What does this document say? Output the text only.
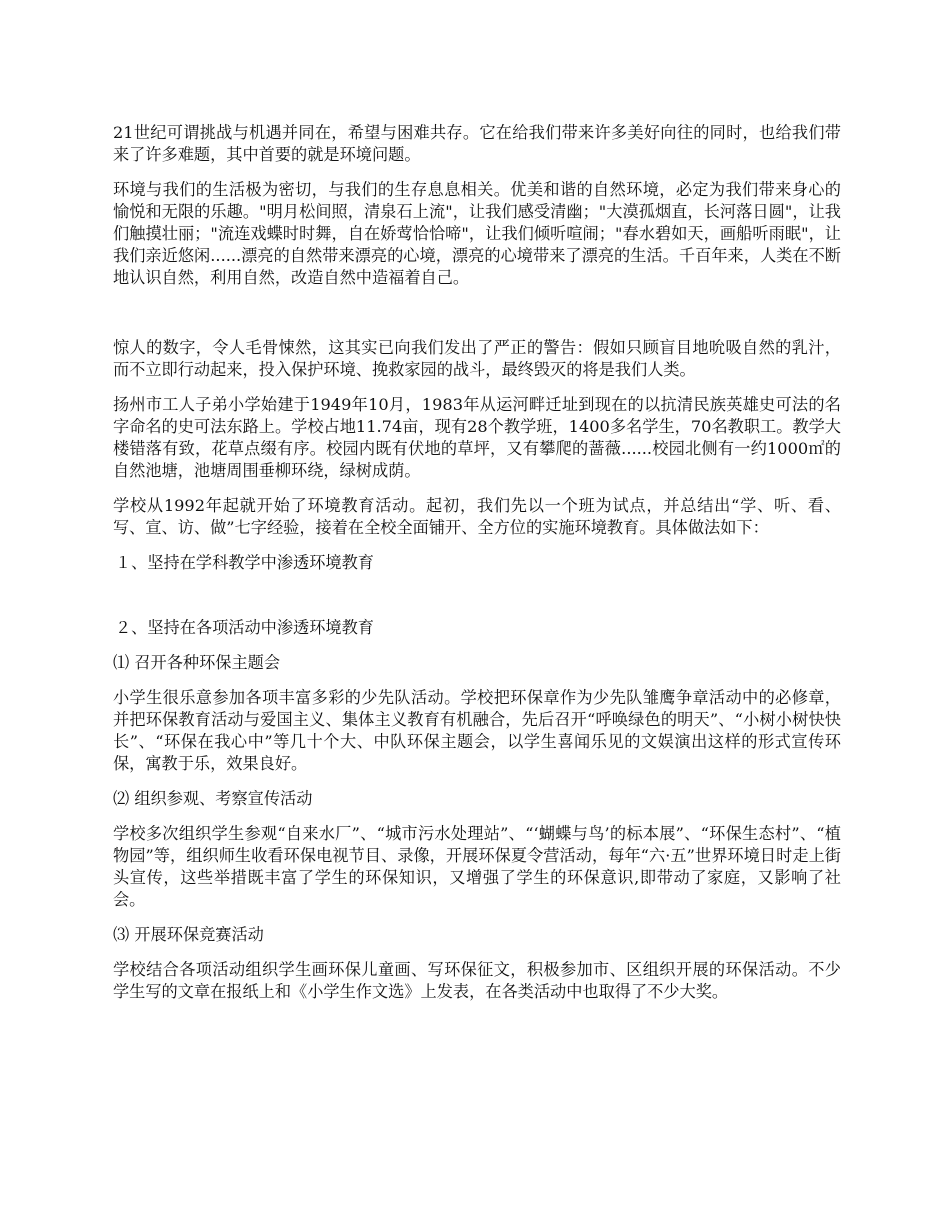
21世纪可谓挑战与机遇并同在，希望与困难共存。它在给我们带来许多美好向往的同时，也给我们带来了许多难题，其中首要的就是环境问题。

环境与我们的生活极为密切，与我们的生存息息相关。优美和谐的自然环境，必定为我们带来身心的愉悦和无限的乐趣。"明月松间照，清泉石上流"，让我们感受清幽；"大漠孤烟直，长河落日圆"，让我们触摸壮丽；"流连戏蝶时时舞，自在娇莺恰恰啼"，让我们倾听喧闹；"春水碧如天，画船听雨眠"，让我们亲近悠闲......漂亮的自然带来漂亮的心境，漂亮的心境带来了漂亮的生活。千百年来，人类在不断地认识自然，利用自然，改造自然中造福着自己。

惊人的数字，令人毛骨悚然，这其实已向我们发出了严正的警告：假如只顾盲目地吮吸自然的乳汁，而不立即行动起来，投入保护环境、挽救家园的战斗，最终毁灭的将是我们人类。

扬州市工人子弟小学始建于1949年10月，1983年从运河畔迁址到现在的以抗清民族英雄史可法的名字命名的史可法东路上。学校占地11.74亩，现有28个教学班，1400多名学生，70名教职工。教学大楼错落有致，花草点缀有序。校园内既有伏地的草坪，又有攀爬的蔷薇......校园北侧有一约1000㎡的自然池塘，池塘周围垂柳环绕，绿树成荫。

学校从1992年起就开始了环境教育活动。起初，我们先以一个班为试点，并总结出“学、听、看、写、宣、访、做”七字经验，接着在全校全面铺开、全方位的实施环境教育。具体做法如下：

１、坚持在学科教学中渗透环境教育
２、坚持在各项活动中渗透环境教育
⑴ 召开各种环保主题会

小学生很乐意参加各项丰富多彩的少先队活动。学校把环保章作为少先队雏鹰争章活动中的必修章，并把环保教育活动与爱国主义、集体主义教育有机融合，先后召开“呼唤绿色的明天”、“小树小树快快长”、“环保在我心中”等几十个大、中队环保主题会，以学生喜闻乐见的文娱演出这样的形式宣传环保，寓教于乐，效果良好。

⑵ 组织参观、考察宣传活动

学校多次组织学生参观“自来水厂”、“城市污水处理站”、“‘蝴蝶与鸟’的标本展”、“环保生态村”、“植物园”等，组织师生收看环保电视节目、录像，开展环保夏令营活动，每年“六·五”世界环境日时走上街头宣传，这些举措既丰富了学生的环保知识，又增强了学生的环保意识,即带动了家庭，又影响了社会。

⑶ 开展环保竞赛活动

学校结合各项活动组织学生画环保儿童画、写环保征文，积极参加市、区组织开展的环保活动。不少学生写的文章在报纸上和《小学生作文选》上发表，在各类活动中也取得了不少大奖。
